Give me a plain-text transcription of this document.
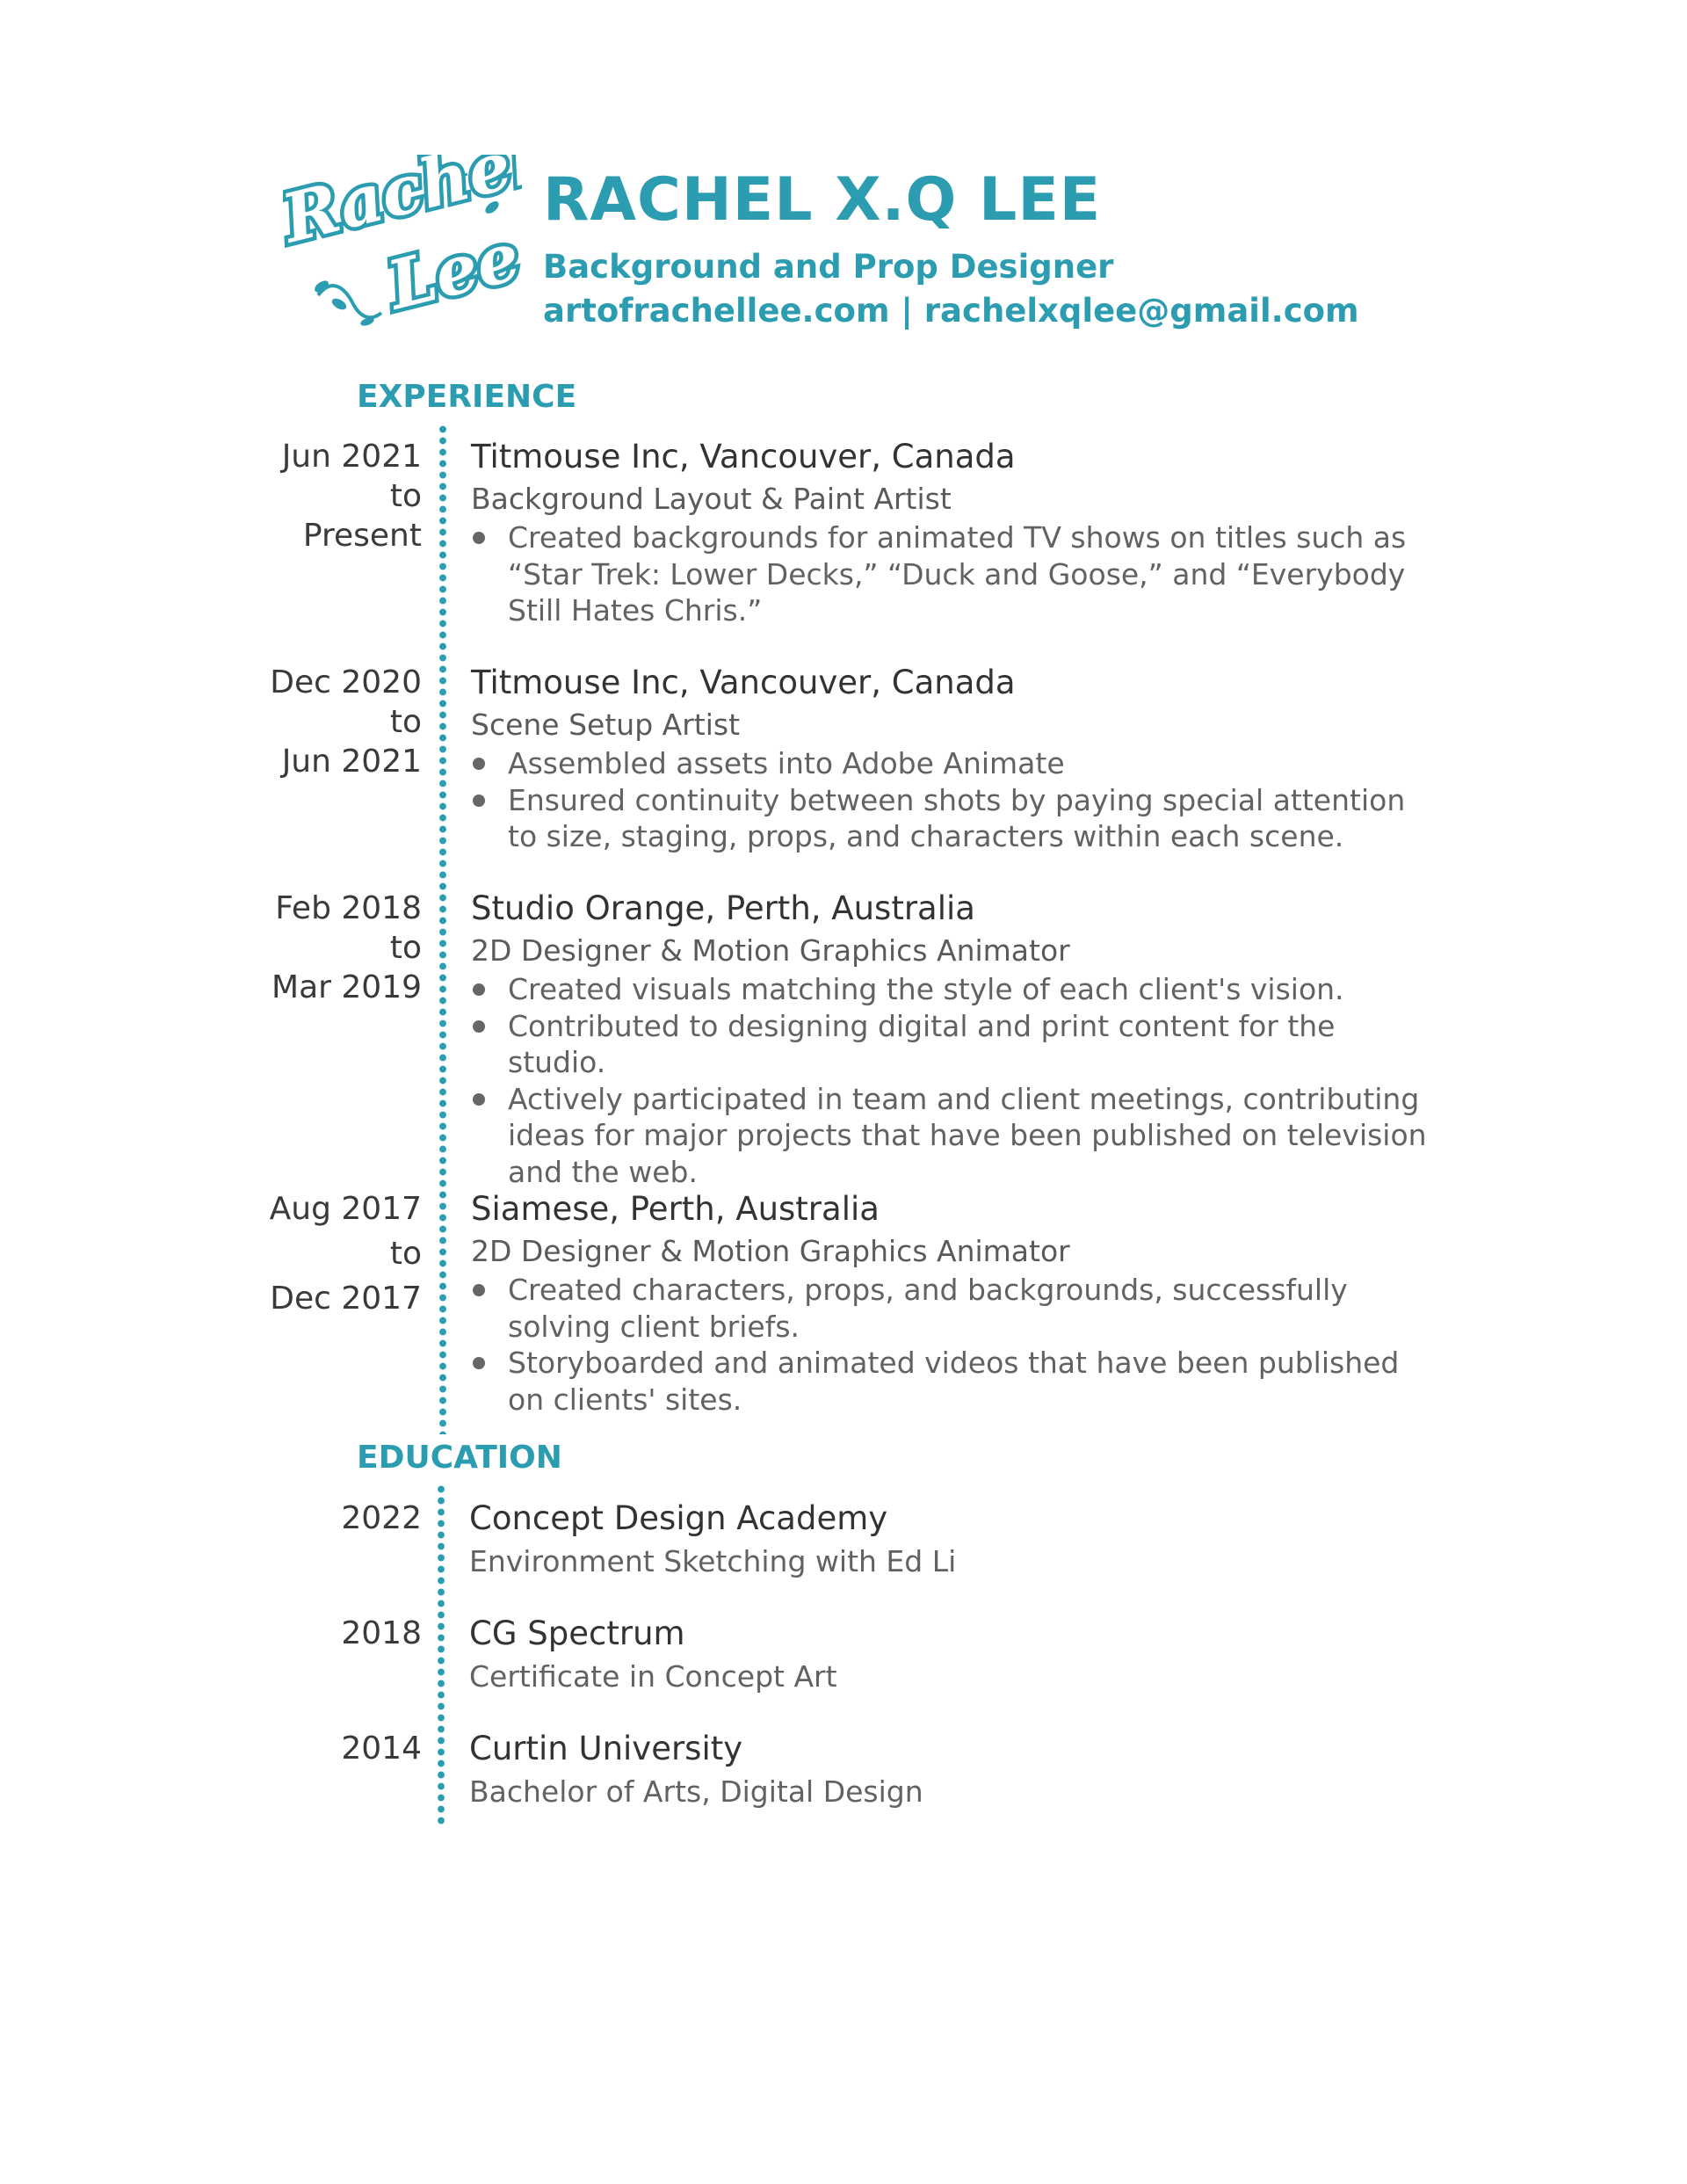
Rachel
Lee
RACHEL X.Q LEE
Background and Prop Designer
artofrachellee.com | rachelxqlee@gmail.com
EXPERIENCE
Jun 2021
to
Present
Titmouse Inc, Vancouver, Canada
Background Layout & Paint Artist
Created backgrounds for animated TV shows on titles such as “Star Trek: Lower Decks,” “Duck and Goose,” and “Everybody Still Hates Chris.”
Dec 2020
to
Jun 2021
Titmouse Inc, Vancouver, Canada
Scene Setup Artist
Assembled assets into Adobe Animate
Ensured continuity between shots by paying special attention to size, staging, props, and characters within each scene.
Feb 2018
to
Mar 2019
Studio Orange, Perth, Australia
2D Designer & Motion Graphics Animator
Created visuals matching the style of each client's vision.
Contributed to designing digital and print content for the studio.
Actively participated in team and client meetings, contributing ideas for major projects that have been published on television and the web.
Aug 2017
to
Dec 2017
Siamese, Perth, Australia
2D Designer & Motion Graphics Animator
Created characters, props, and backgrounds, successfully solving client briefs.
Storyboarded and animated videos that have been published on clients' sites.
EDUCATION
2022 Concept Design Academy
Environment Sketching with Ed Li
2018 CG Spectrum
Certificate in Concept Art
2014 Curtin University
Bachelor of Arts, Digital Design
